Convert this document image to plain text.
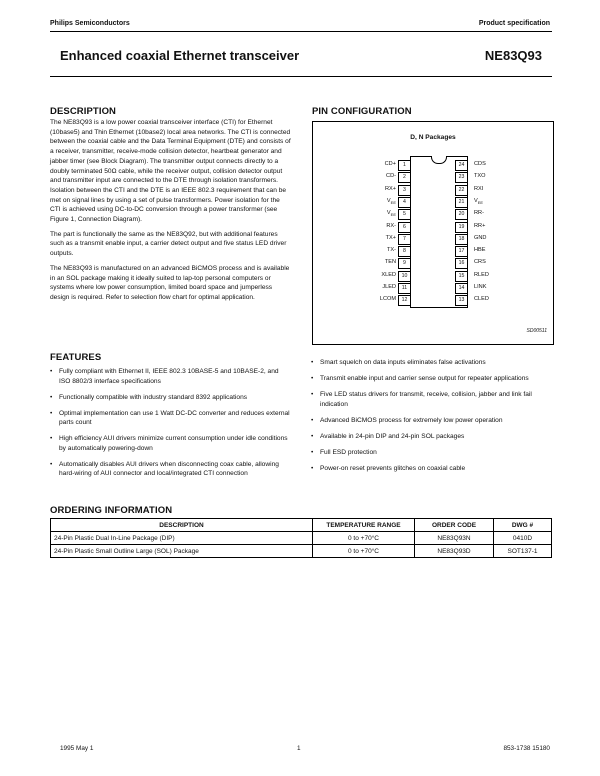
Philips Semiconductors	Product specification
Enhanced coaxial Ethernet transceiver	NE83Q93
DESCRIPTION

The NE83Q93 is a low power coaxial transceiver interface (CTI) for Ethernet (10base5) and Thin Ethernet (10base2) local area networks. The CTI is connected between the coaxial cable and the Data Terminal Equipment (DTE) and consists of a receiver, transmitter, receive-mode collision detector, heartbeat generator and jabber timer (see Block Diagram). The transmitter output connects directly to a doubly terminated 50Ω cable, while the receiver output, collision detector output and transmitter input are connected to the DTE through isolation transformers. Isolation between the CTI and the DTE is an IEEE 802.3 requirement that can be met on signal lines by using a set of pulse transformers. Power isolation for the CTI is achieved using DC-to-DC conversion through a power transformer (see Figure 1, Connection Diagram).

The part is functionally the same as the NE83Q92, but with additional features such as a transmit enable input, a carrier detect output and five status LED driver outputs.

The NE83Q93 is manufactured on an advanced BiCMOS process and is available in an SOL package making it ideally suited to lap-top personal computers or systems where low power consumption, limited board space and jumperless design is required. Refer to selection flow chart for optimal application.

PIN CONFIGURATION
D, N Packages
CD+	1
CD-	2
RX+	3
$V_{EE}$	4
$V_{EE}$	5
RX-	6
TX+	7
TX-	8
TEN	9
XLED	10
JLED	11
LCOM	12
24	CDS
23	TXO
22	RXI
21	$V_{EE}$
20	RR-
19	RR+
18	GND
17	HBE
16	CRS
15	RLED
14	LINK
13	CLED
SD00511
FEATURES
• Fully compliant with Ethernet II, IEEE 802.3 10BASE-5 and 10BASE-2, and ISO 8802/3 interface specifications
• Functionally compatible with industry standard 8392 applications
• Optimal implementation can use 1 Watt DC-DC converter and reduces external parts count
• High efficiency AUI drivers minimize current consumption under idle conditions by automatically powering-down
• Automatically disables AUI drivers when disconnecting coax cable, allowing hard-wiring of AUI connector and local/integrated CTI connection
• Smart squelch on data inputs eliminates false activations
• Transmit enable input and carrier sense output for repeater applications
• Five LED status drivers for transmit, receive, collision, jabber and link fail indication
• Advanced BiCMOS process for extremely low power operation
• Available in 24-pin DIP and 24-pin SOL packages
• Full ESD protection
• Power-on reset prevents glitches on coaxial cable
ORDERING INFORMATION
DESCRIPTION	TEMPERATURE RANGE	ORDER CODE	DWG #
24-Pin Plastic Dual In-Line Package (DIP)	0 to +70°C	NE83Q93N	0410D
24-Pin Plastic Small Outline Large (SOL) Package	0 to +70°C	NE83Q93D	SOT137-1
1995 May 1	1	853-1738 15180
